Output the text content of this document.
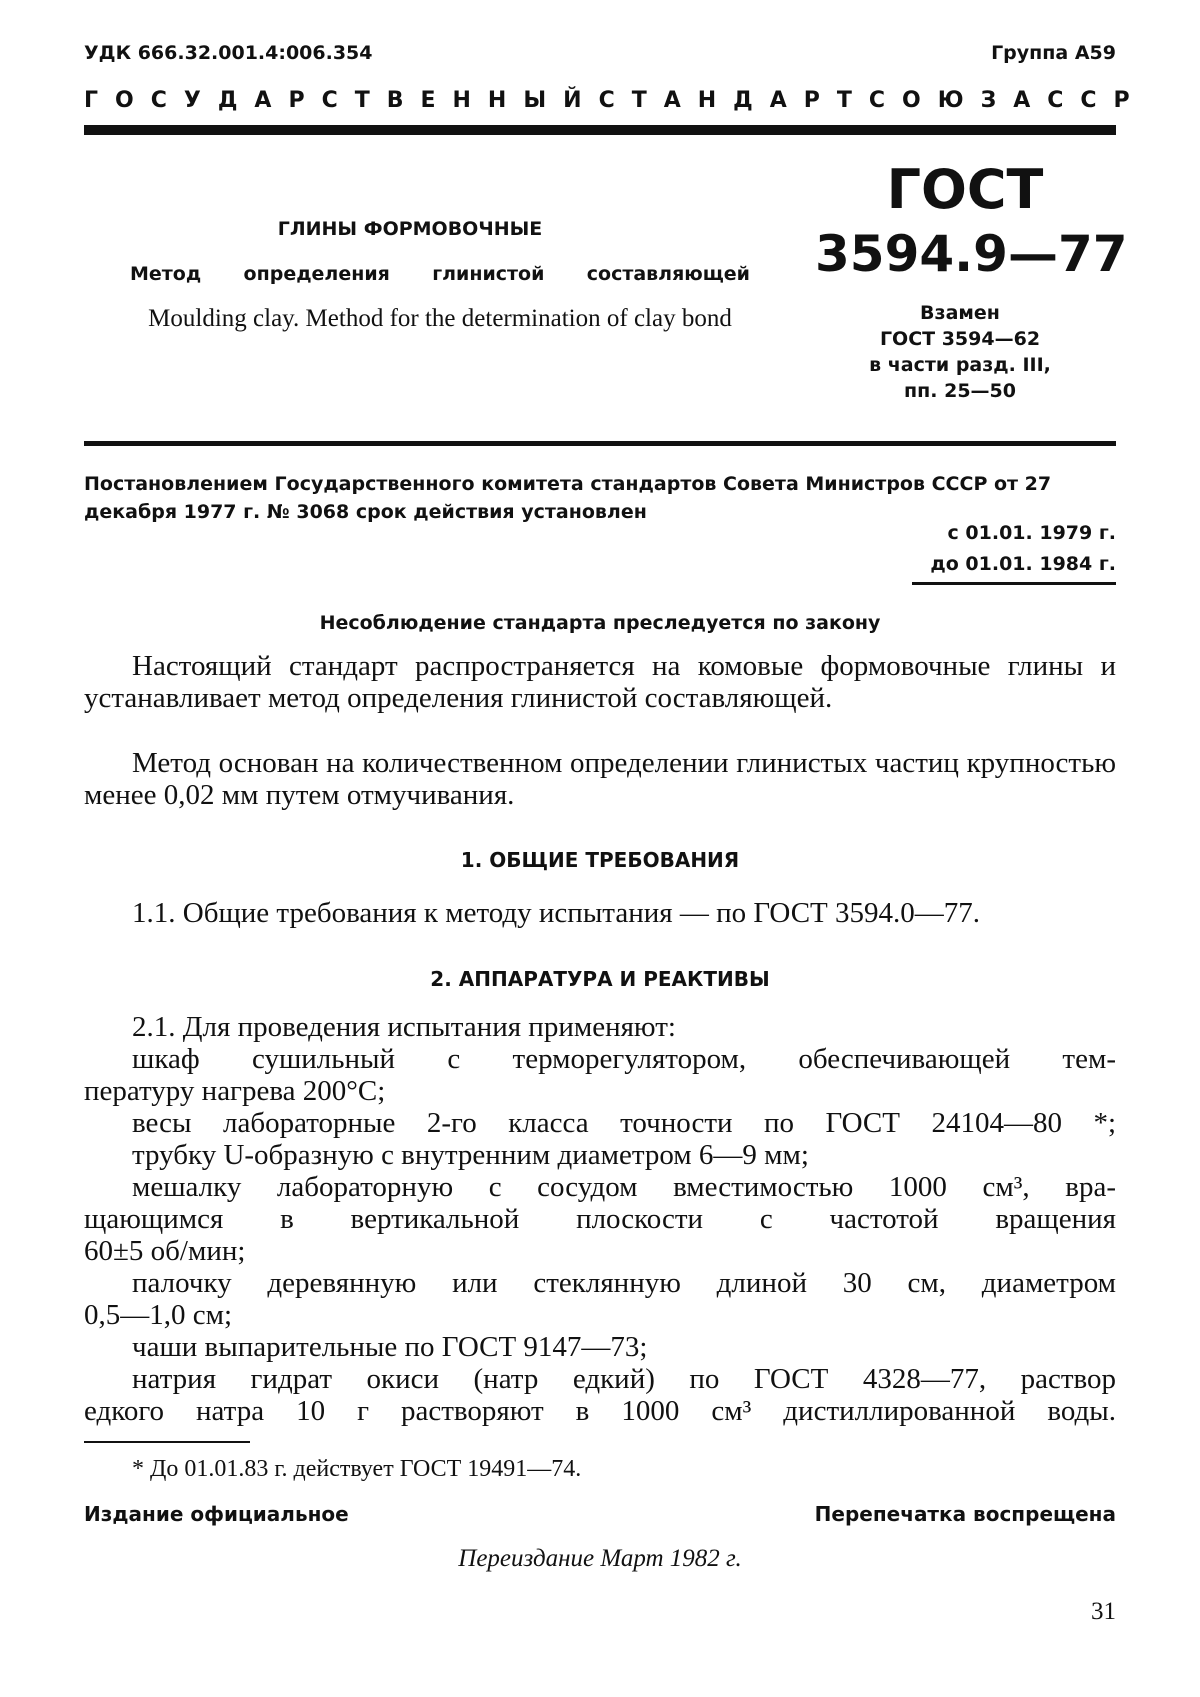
УДК 666.32.001.4:006.354	Группа А59
ГОСУДАРСТВЕННЫЙ СТАНДАРТ СОЮЗА ССР
ГЛИНЫ ФОРМОВОЧНЫЕ
Метод определения глинистой составляющей
Moulding clay. Method for the determination of clay bond
ГОСТ
3594.9—77
Взамен
ГОСТ 3594—62
в части разд. III,
пп. 25—50
Постановлением Государственного комитета стандартов Совета Министров СССР от 27 декабря 1977 г. № 3068 срок действия установлен
с 01.01. 1979 г.
до 01.01. 1984 г.
Несоблюдение стандарта преследуется по закону
Настоящий стандарт распространяется на комовые формовочные глины и устанавливает метод определения глинистой составляющей.
Метод основан на количественном определении глинистых частиц крупностью менее 0,02 мм путем отмучивания.
1. ОБЩИЕ ТРЕБОВАНИЯ
1.1. Общие требования к методу испытания — по ГОСТ 3594.0—77.
2. АППАРАТУРА И РЕАКТИВЫ
2.1. Для проведения испытания применяют:
шкаф сушильный с терморегулятором, обеспечивающей тем-
пературу нагрева 200°С;
весы лабораторные 2-го класса точности по ГОСТ 24104—80 *;
трубку U-образную с внутренним диаметром 6—9 мм;
мешалку лабораторную с сосудом вместимостью 1000 см³, вра-
щающимся в вертикальной плоскости с частотой вращения
60±5 об/мин;
палочку деревянную или стеклянную длиной 30 см, диаметром
0,5—1,0 см;
чаши выпарительные по ГОСТ 9147—73;
натрия гидрат окиси (натр едкий) по ГОСТ 4328—77, раствор
едкого натра 10 г растворяют в 1000 см³ дистиллированной воды.
* До 01.01.83 г. действует ГОСТ 19491—74.
Издание официальное	Перепечатка воспрещена
Переиздание Март 1982 г.
31
